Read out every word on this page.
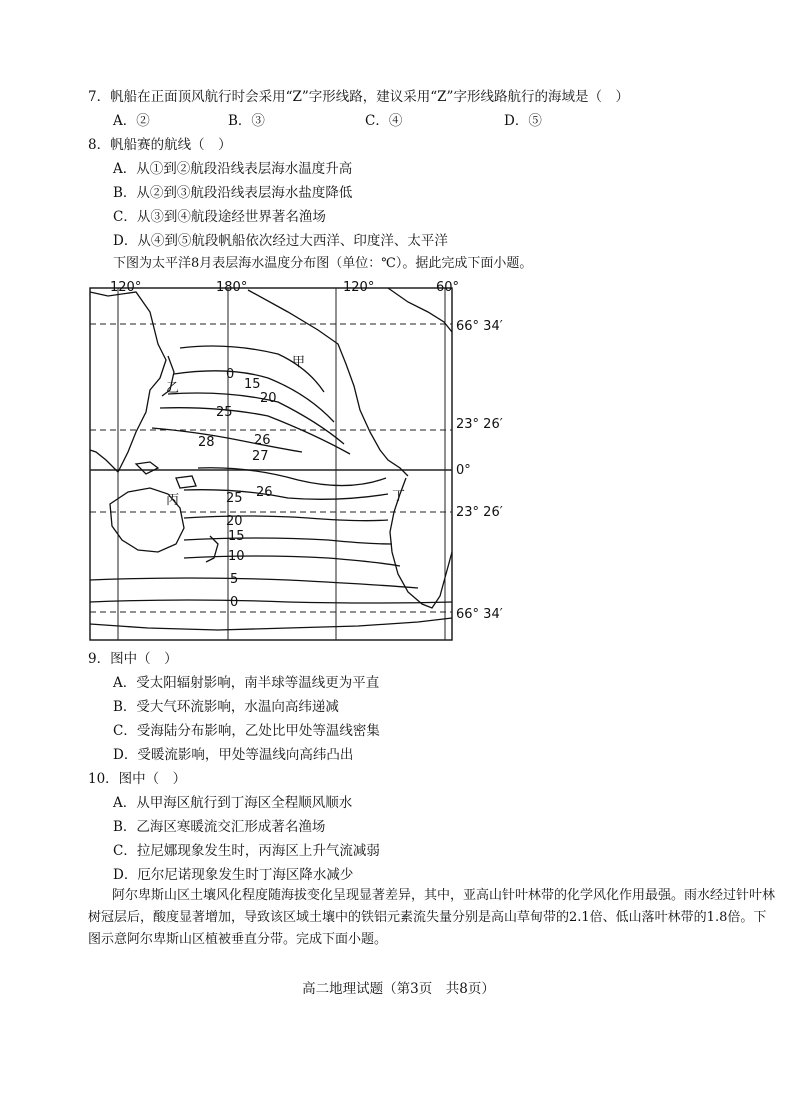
7．帆船在正面顶风航行时会采用“Z”字形线路，建议采用“Z”字形线路航行的海域是（　）
A．②	B．③	C．④	D．⑤
8．帆船赛的航线（　）
A．从①到②航段沿线表层海水温度升高
B．从②到③航段沿线表层海水盐度降低
C．从③到④航段途经世界著名渔场
D．从④到⑤航段帆船依次经过大西洋、印度洋、太平洋
下图为太平洋8月表层海水温度分布图（单位：℃）。据此完成下面小题。
120°	180°	120°	60°
66° 34′
23° 26′
0°
23° 26′
66° 34′
0
15
20
25
28	26
27
26
25
20
15
10
5
0
甲
乙
丙	丁
9．图中（　）
A．受太阳辐射影响，南半球等温线更为平直
B．受大气环流影响，水温向高纬递减
C．受海陆分布影响，乙处比甲处等温线密集
D．受暖流影响，甲处等温线向高纬凸出
10．图中（　）
A．从甲海区航行到丁海区全程顺风顺水
B．乙海区寒暖流交汇形成著名渔场
C．拉尼娜现象发生时，丙海区上升气流减弱
D．厄尔尼诺现象发生时丁海区降水减少
阿尔卑斯山区土壤风化程度随海拔变化呈现显著差异，其中，亚高山针叶林带的化学风化作用最强。雨水经过针叶林树冠层后，酸度显著增加，导致该区域土壤中的铁铝元素流失量分别是高山草甸带的2.1倍、低山落叶林带的1.8倍。下图示意阿尔卑斯山区植被垂直分带。完成下面小题。
高二地理试题（第3页　共8页）
